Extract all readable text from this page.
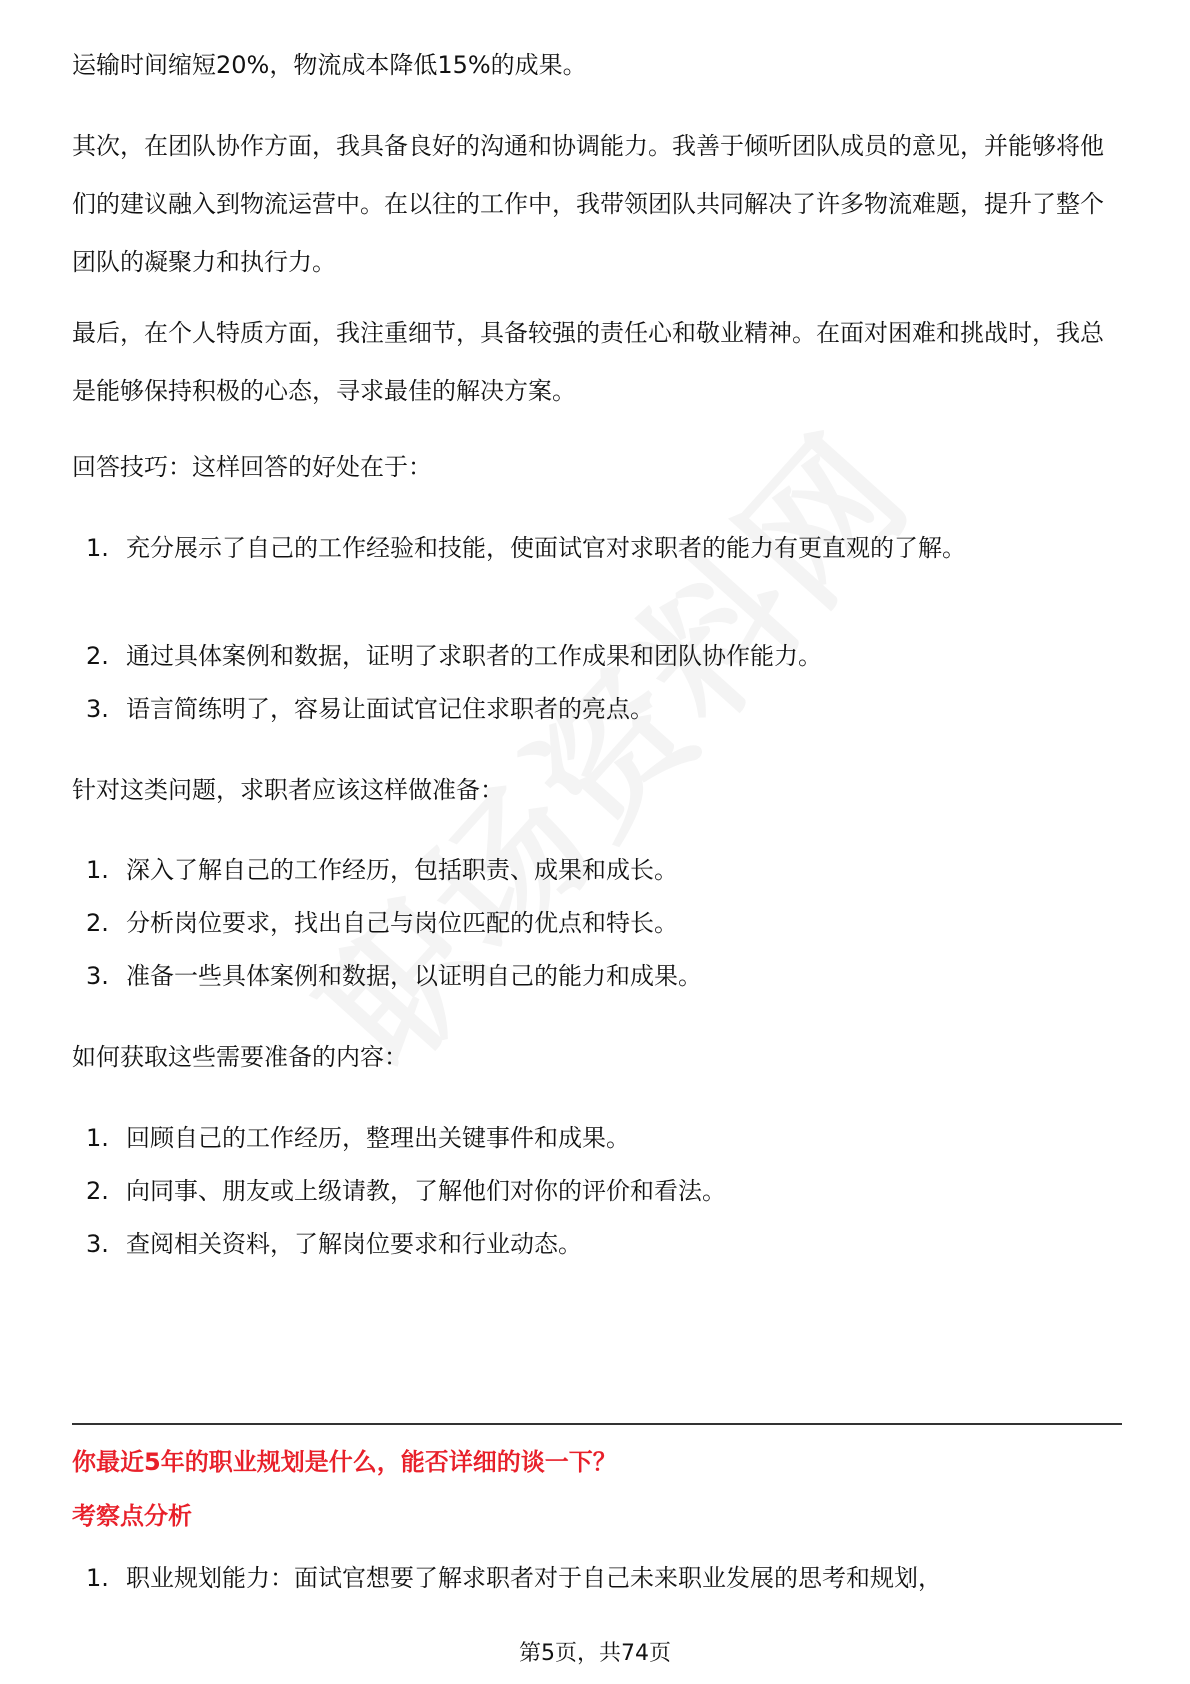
运输时间缩短20%，物流成本降低15%的成果。

其次，在团队协作方面，我具备良好的沟通和协调能力。我善于倾听团队成员的意见，并能够将他们的建议融入到物流运营中。在以往的工作中，我带领团队共同解决了许多物流难题，提升了整个团队的凝聚力和执行力。

最后，在个人特质方面，我注重细节，具备较强的责任心和敬业精神。在面对困难和挑战时，我总是能够保持积极的心态，寻求最佳的解决方案。

回答技巧：这样回答的好处在于：

1. 充分展示了自己的工作经验和技能，使面试官对求职者的能力有更直观的了解。
2. 通过具体案例和数据，证明了求职者的工作成果和团队协作能力。
3. 语言简练明了，容易让面试官记住求职者的亮点。

针对这类问题，求职者应该这样做准备：

1. 深入了解自己的工作经历，包括职责、成果和成长。
2. 分析岗位要求，找出自己与岗位匹配的优点和特长。
3. 准备一些具体案例和数据，以证明自己的能力和成果。

如何获取这些需要准备的内容：

1. 回顾自己的工作经历，整理出关键事件和成果。
2. 向同事、朋友或上级请教，了解他们对你的评价和看法。
3. 查阅相关资料，了解岗位要求和行业动态。
你最近5年的职业规划是什么，能否详细的谈一下？
考察点分析
1. 职业规划能力：面试官想要了解求职者对于自己未来职业发展的思考和规划，
第5页，共74页
